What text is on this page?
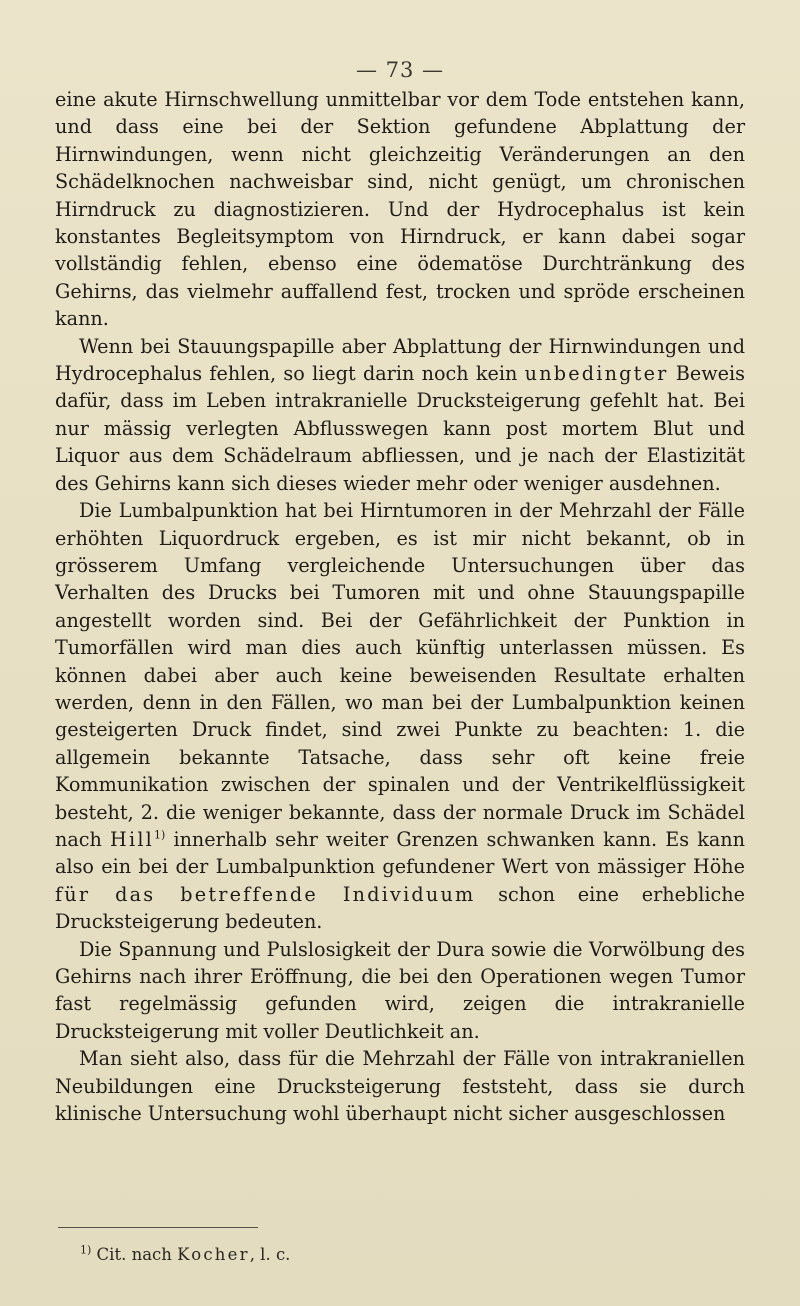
— 73 —

eine akute Hirnschwellung unmittelbar vor dem Tode entstehen kann, und dass eine bei der Sektion gefundene Abplattung der Hirnwindungen, wenn nicht gleichzeitig Veränderungen an den Schädelknochen nachweisbar sind, nicht genügt, um chronischen Hirndruck zu diagnostizieren. Und der Hydrocephalus ist kein konstantes Begleitsymptom von Hirndruck, er kann dabei sogar vollständig fehlen, ebenso eine ödematöse Durchtränkung des Gehirns, das vielmehr auffallend fest, trocken und spröde erscheinen kann.

Wenn bei Stauungspapille aber Abplattung der Hirnwindungen und Hydrocephalus fehlen, so liegt darin noch kein unbedingter Beweis dafür, dass im Leben intrakranielle Drucksteigerung gefehlt hat. Bei nur mässig verlegten Abflusswegen kann post mortem Blut und Liquor aus dem Schädelraum abfliessen, und je nach der Elastizität des Gehirns kann sich dieses wieder mehr oder weniger ausdehnen.

Die Lumbalpunktion hat bei Hirntumoren in der Mehrzahl der Fälle erhöhten Liquordruck ergeben, es ist mir nicht bekannt, ob in grösserem Umfang vergleichende Untersuchungen über das Verhalten des Drucks bei Tumoren mit und ohne Stauungspapille angestellt worden sind. Bei der Gefährlichkeit der Punktion in Tumorfällen wird man dies auch künftig unterlassen müssen. Es können dabei aber auch keine beweisenden Resultate erhalten werden, denn in den Fällen, wo man bei der Lumbalpunktion keinen gesteigerten Druck findet, sind zwei Punkte zu beachten: 1. die allgemein bekannte Tatsache, dass sehr oft keine freie Kommunikation zwischen der spinalen und der Ventrikelflüssigkeit besteht, 2. die weniger bekannte, dass der normale Druck im Schädel nach Hill$^{1)}$ innerhalb sehr weiter Grenzen schwanken kann. Es kann also ein bei der Lumbalpunktion gefundener Wert von mässiger Höhe für das betreffende Individuum schon eine erhebliche Drucksteigerung bedeuten.

Die Spannung und Pulslosigkeit der Dura sowie die Vorwölbung des Gehirns nach ihrer Eröffnung, die bei den Operationen wegen Tumor fast regelmässig gefunden wird, zeigen die intrakranielle Drucksteigerung mit voller Deutlichkeit an.

Man sieht also, dass für die Mehrzahl der Fälle von intrakraniellen Neubildungen eine Drucksteigerung feststeht, dass sie durch klinische Untersuchung wohl überhaupt nicht sicher ausgeschlossen

$^{1)}$ Cit. nach Kocher, l. c.
